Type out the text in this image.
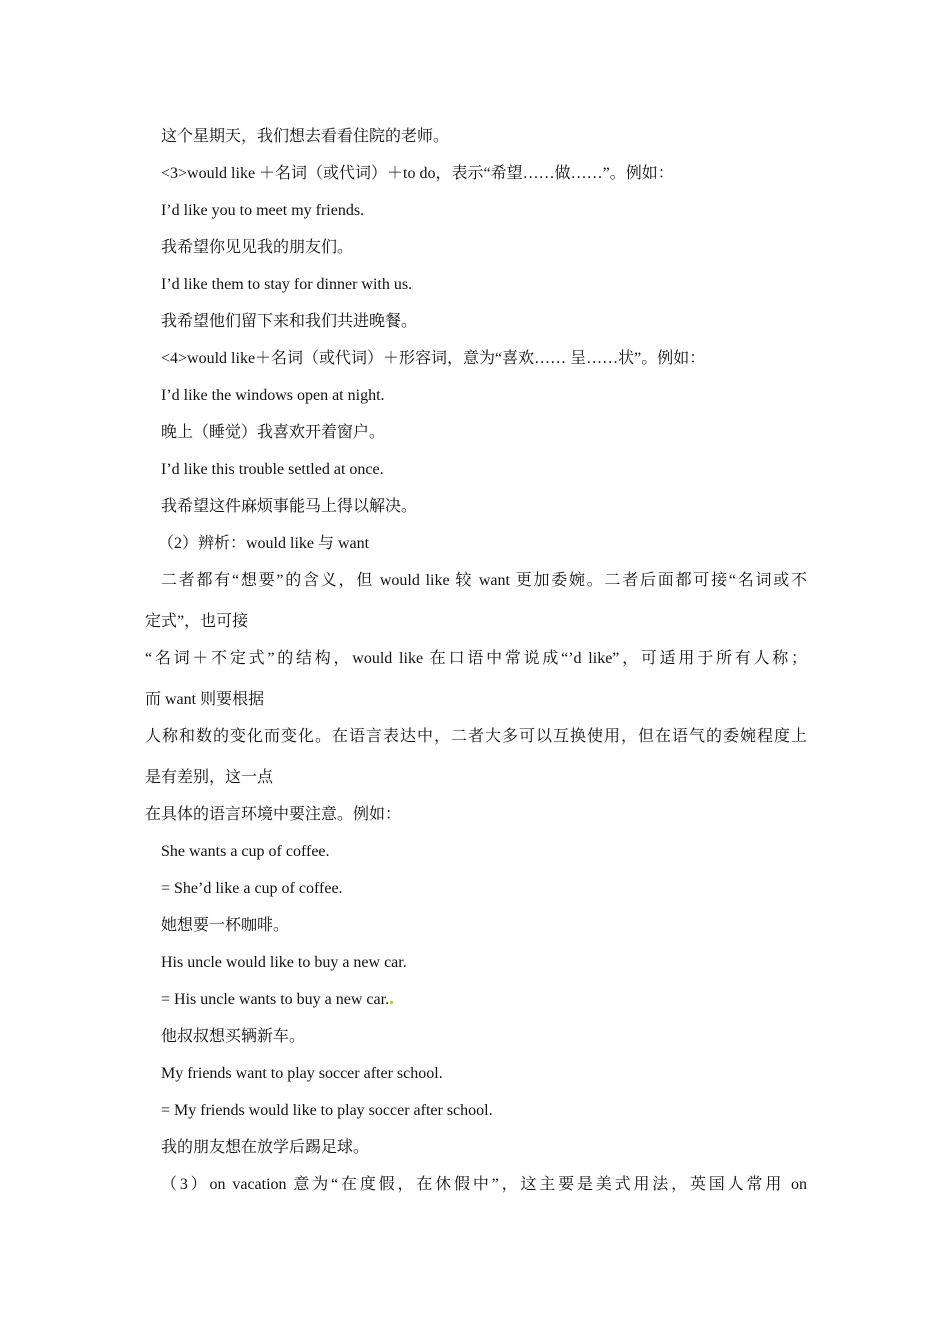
这个星期天，我们想去看看住院的老师。
<3>would like ＋名词（或代词）＋to do，表示“希望……做……”。例如：
I’d like you to meet my friends.
我希望你见见我的朋友们。
I’d like them to stay for dinner with us.
我希望他们留下来和我们共进晚餐。
<4>would like＋名词（或代词）＋形容词，意为“喜欢…… 呈……状”。例如：
I’d like the windows open at night.
晚上（睡觉）我喜欢开着窗户。
I’d like this trouble settled at once.
我希望这件麻烦事能马上得以解决。
（2）辨析：would like 与 want
二者都有“想要”的含义，但 would like 较 want 更加委婉。二者后面都可接“名词或不
定式”，也可接
“名词＋不定式”的结构，would like 在口语中常说成“’d like”，可适用于所有人称；
而 want 则要根据
人称和数的变化而变化。在语言表达中，二者大多可以互换使用，但在语气的委婉程度上
是有差别，这一点
在具体的语言环境中要注意。例如：
She wants a cup of coffee.
= She’d like a cup of coffee.
她想要一杯咖啡。
His uncle would like to buy a new car.
= His uncle wants to buy a new car.
他叔叔想买辆新车。
My friends want to play soccer after school.
= My friends would like to play soccer after school.
我的朋友想在放学后踢足球。
（3）on vacation 意为“在度假，在休假中”，这主要是美式用法，英国人常用 on
